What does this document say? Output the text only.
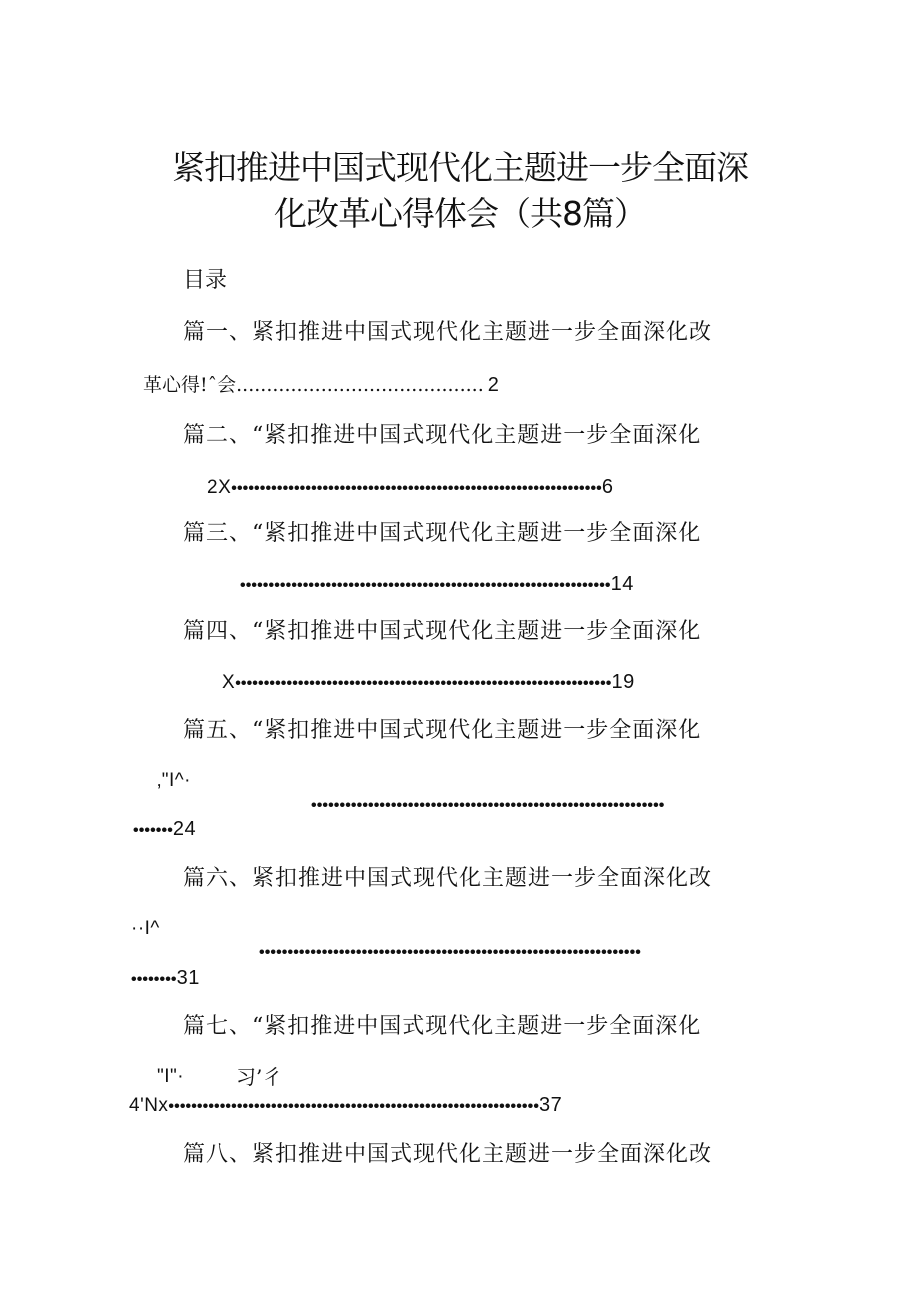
紧扣推进中国式现代化主题进一步全面深
化改革心得体会（共8篇）
目录
篇一、紧扣推进中国式现代化主题进一步全面深化改
革心得!ˆ会......................................... 2
篇二、“紧扣推进中国式现代化主题进一步全面深化
2X•••••••••••••••••••••••••••••••••••••••••••••••••••••••••••••••••6
篇三、“紧扣推进中国式现代化主题进一步全面深化
•••••••••••••••••••••••••••••••••••••••••••••••••••••••••••••••••14
篇四、“紧扣推进中国式现代化主题进一步全面深化
X••••••••••••••••••••••••••••••••••••••••••••••••••••••••••••••••••19
篇五、“紧扣推进中国式现代化主题进一步全面深化
‚"I^·
••••••••••••••••••••••••••••••••••••••••••••••••••••••••••••••
•••••••24
篇六、紧扣推进中国式现代化主题进一步全面深化改
··I^
•••••••••••••••••••••••••••••••••••••••••••••••••••••••••••••••••••
••••••••31
篇七、“紧扣推进中国式现代化主题进一步全面深化
"I"·	习’彳
4'Nx•••••••••••••••••••••••••••••••••••••••••••••••••••••••••••••••••37
篇八、紧扣推进中国式现代化主题进一步全面深化改
